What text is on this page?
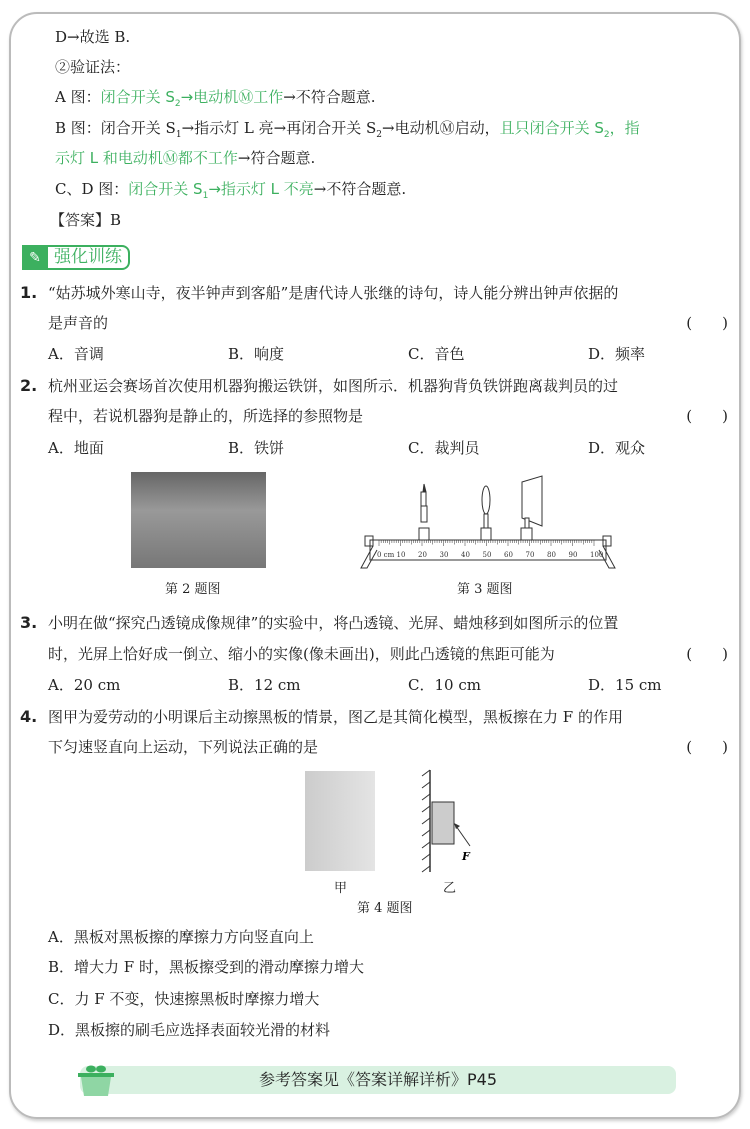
D→故选 B.
②验证法：
A 图：闭合开关 $S_2\to$电动机Ⓜ工作→不符合题意.
B 图：闭合开关 $S_1\to$指示灯 L 亮→再闭合开关 $S_2\to$电动机Ⓜ启动，且只闭合开关 $S_2$，指
示灯 L 和电动机Ⓜ都不工作→符合题意.
C、D 图：闭合开关 $S_1\to$指示灯 L 不亮→不符合题意.
【答案】B
✎ 强化训练
1. “姑苏城外寒山寺，夜半钟声到客船”是唐代诗人张继的诗句，诗人能分辨出钟声依据的
是声音的	(　　)
A．音调	B．响度	C．音色	D．频率
2. 杭州亚运会赛场首次使用机器狗搬运铁饼，如图所示．机器狗背负铁饼跑离裁判员的过
程中，若说机器狗是静止的，所选择的参照物是	(　　)
A．地面	B．铁饼	C．裁判员	D．观众
第 2 题图
0 cm 10 20 30 40 50 60 70 80 90 100
第 3 题图
3. 小明在做“探究凸透镜成像规律”的实验中，将凸透镜、光屏、蜡烛移到如图所示的位置
时，光屏上恰好成一倒立、缩小的实像(像未画出)，则此凸透镜的焦距可能为	(　　)
A．20 cm	B．12 cm	C．10 cm	D．15 cm
4. 图甲为爱劳动的小明课后主动擦黑板的情景，图乙是其简化模型，黑板擦在力 F 的作用
下匀速竖直向上运动，下列说法正确的是	(　　)
F
甲	乙
第 4 题图
A．黑板对黑板擦的摩擦力方向竖直向上
B．增大力 F 时，黑板擦受到的滑动摩擦力增大
C．力 F 不变，快速擦黑板时摩擦力增大
D．黑板擦的刷毛应选择表面较光滑的材料
参考答案见《答案详解详析》P45
